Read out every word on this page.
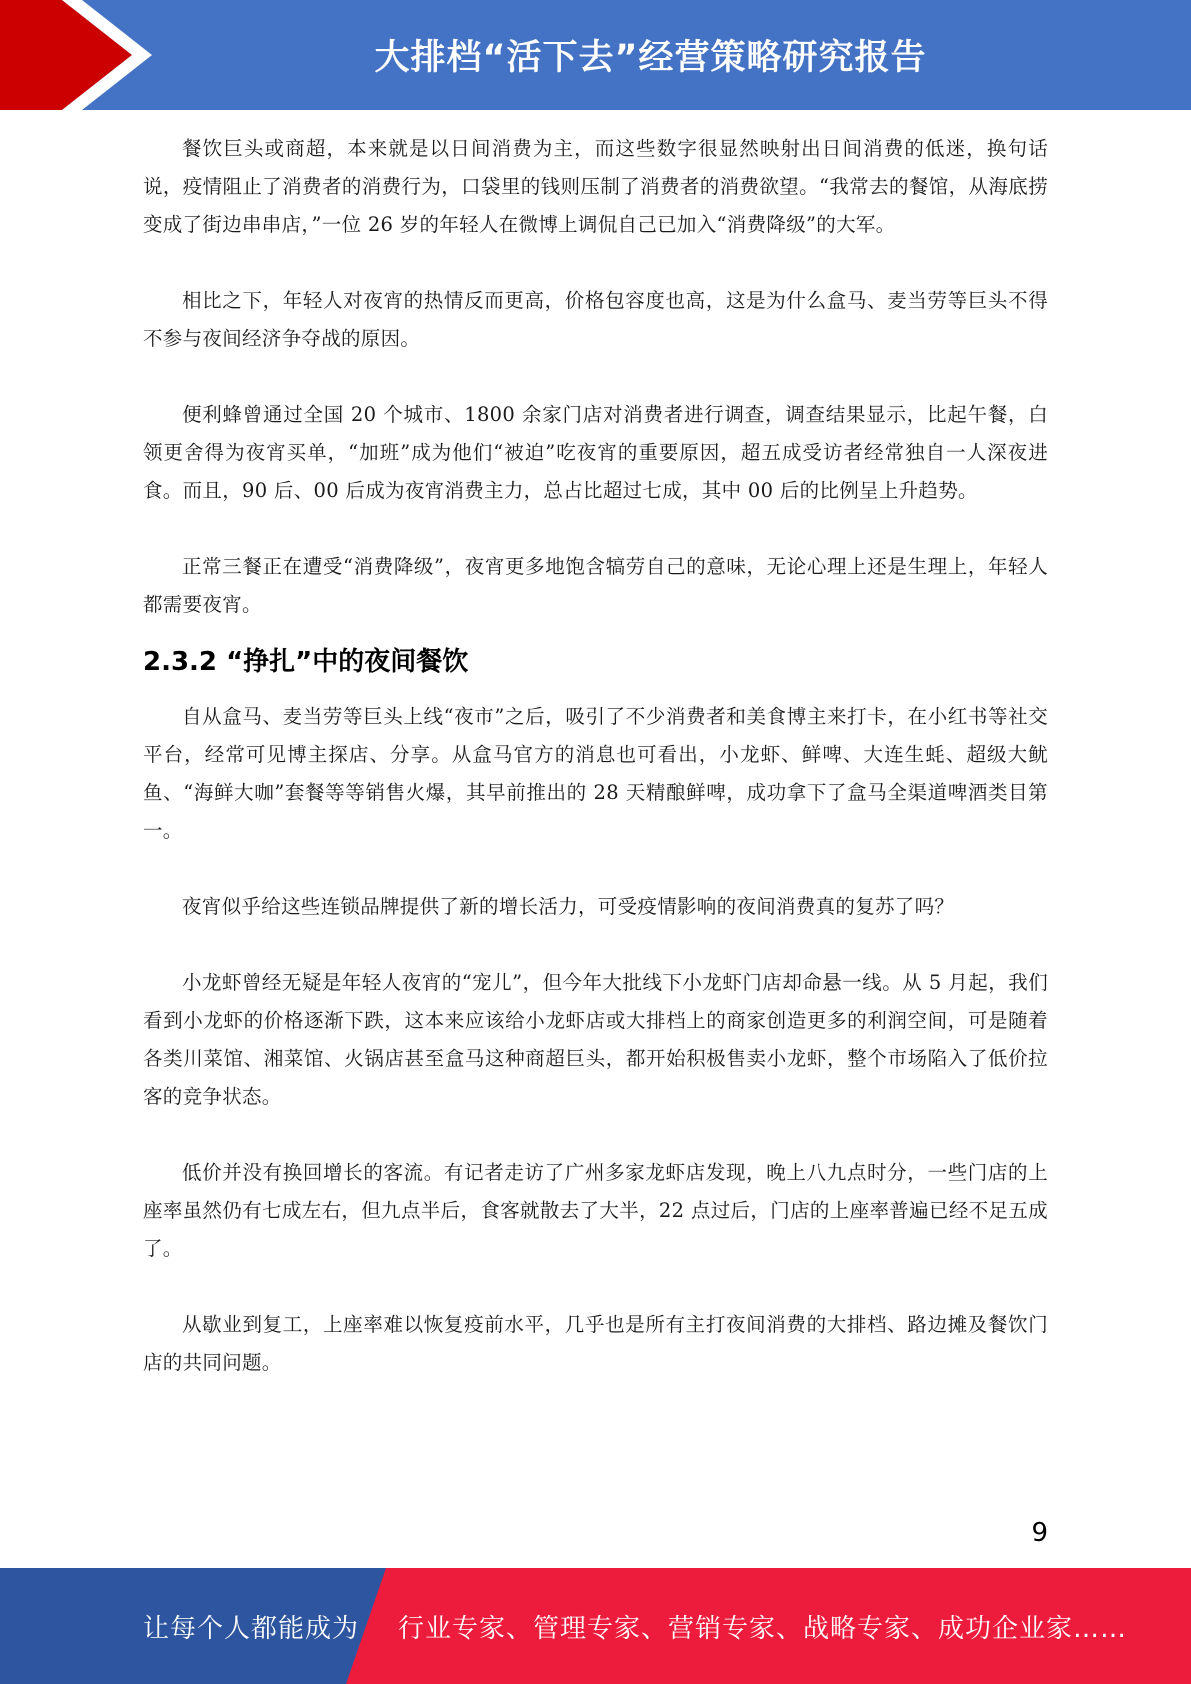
大排档“活下去”经营策略研究报告

餐饮巨头或商超，本来就是以日间消费为主，而这些数字很显然映射出日间消费的低迷，换句话说，疫情阻止了消费者的消费行为，口袋里的钱则压制了消费者的消费欲望。“我常去的餐馆，从海底捞变成了街边串串店，”一位 26 岁的年轻人在微博上调侃自己已加入“消费降级”的大军。

相比之下，年轻人对夜宵的热情反而更高，价格包容度也高，这是为什么盒马、麦当劳等巨头不得不参与夜间经济争夺战的原因。

便利蜂曾通过全国 20 个城市、1800 余家门店对消费者进行调查，调查结果显示，比起午餐，白领更舍得为夜宵买单，“加班”成为他们“被迫”吃夜宵的重要原因，超五成受访者经常独自一人深夜进食。而且，90 后、00 后成为夜宵消费主力，总占比超过七成，其中 00 后的比例呈上升趋势。

正常三餐正在遭受“消费降级”，夜宵更多地饱含犒劳自己的意味，无论心理上还是生理上，年轻人都需要夜宵。

2.3.2 “挣扎”中的夜间餐饮

自从盒马、麦当劳等巨头上线“夜市”之后，吸引了不少消费者和美食博主来打卡，在小红书等社交平台，经常可见博主探店、分享。从盒马官方的消息也可看出，小龙虾、鲜啤、大连生蚝、超级大鱿鱼、“海鲜大咖”套餐等等销售火爆，其早前推出的 28 天精酿鲜啤，成功拿下了盒马全渠道啤酒类目第一。

夜宵似乎给这些连锁品牌提供了新的增长活力，可受疫情影响的夜间消费真的复苏了吗？

小龙虾曾经无疑是年轻人夜宵的“宠儿”，但今年大批线下小龙虾门店却命悬一线。从 5 月起，我们看到小龙虾的价格逐渐下跌，这本来应该给小龙虾店或大排档上的商家创造更多的利润空间，可是随着各类川菜馆、湘菜馆、火锅店甚至盒马这种商超巨头，都开始积极售卖小龙虾，整个市场陷入了低价拉客的竞争状态。

低价并没有换回增长的客流。有记者走访了广州多家龙虾店发现，晚上八九点时分，一些门店的上座率虽然仍有七成左右，但九点半后，食客就散去了大半，22 点过后，门店的上座率普遍已经不足五成了。

从歇业到复工，上座率难以恢复疫前水平，几乎也是所有主打夜间消费的大排档、路边摊及餐饮门店的共同问题。

9
让每个人都能成为 行业专家、管理专家、营销专家、战略专家、成功企业家……
